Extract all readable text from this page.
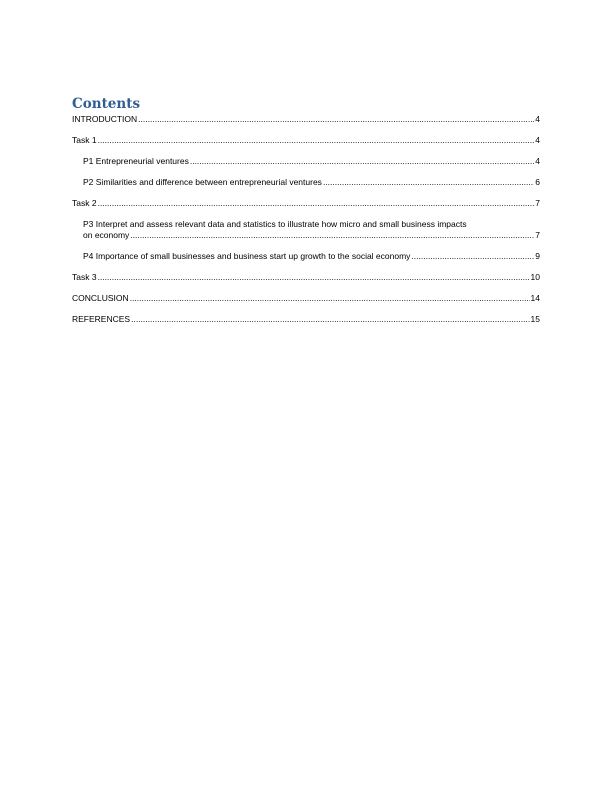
Contents
INTRODUCTION .....	4
Task 1 .....	4
P1 Entrepreneurial ventures .....	4
P2 Similarities and difference between entrepreneurial ventures .....	6
Task 2 .....	7
P3 Interpret and assess relevant data and statistics to illustrate how micro and small business impacts
on economy .....	7
P4 Importance of small businesses and business start up growth to the social economy .....	9
Task 3 .....	10
CONCLUSION .....	14
REFERENCES .....	15
